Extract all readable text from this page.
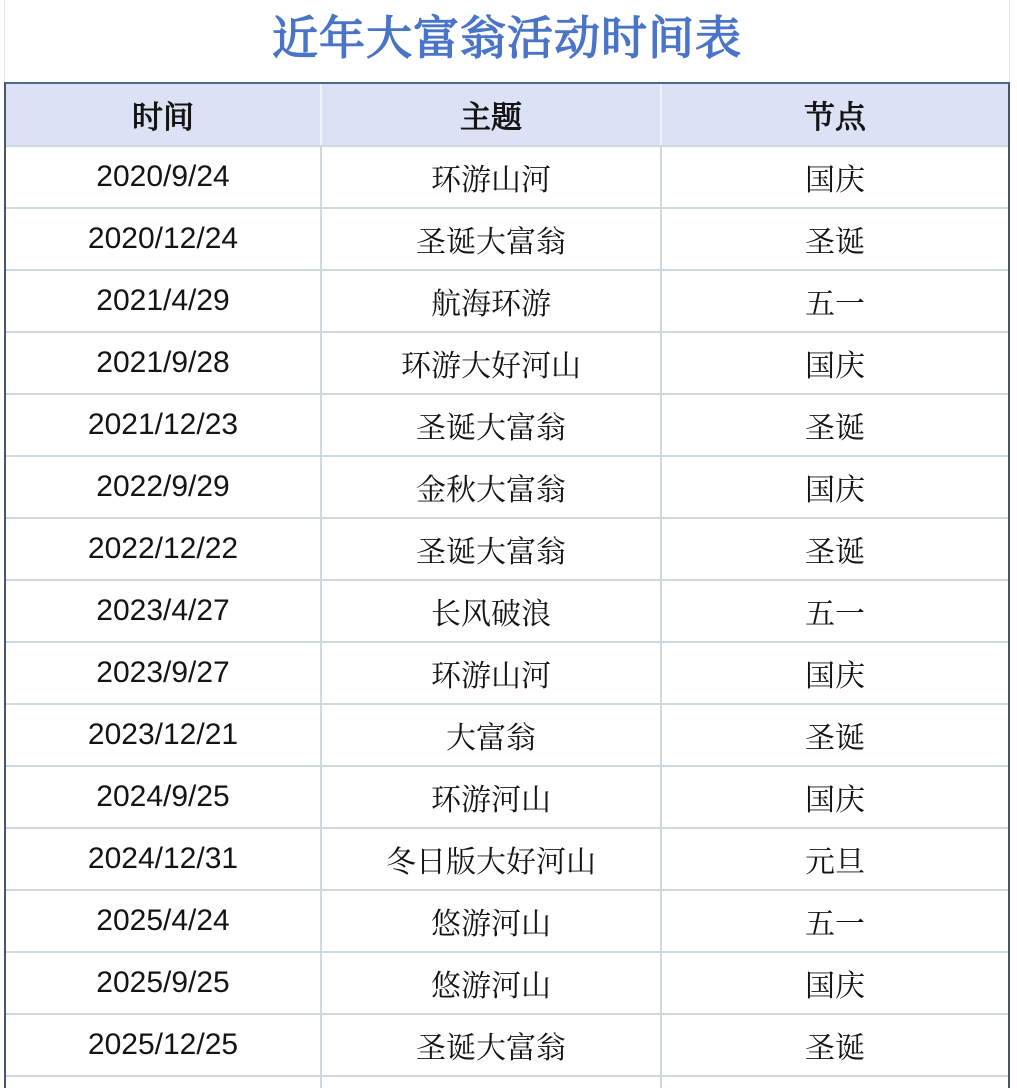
近年大富翁活动时间表
时间	主题	节点
2020/9/24	环游山河	国庆
2020/12/24	圣诞大富翁	圣诞
2021/4/29	航海环游	五一
2021/9/28	环游大好河山	国庆
2021/12/23	圣诞大富翁	圣诞
2022/9/29	金秋大富翁	国庆
2022/12/22	圣诞大富翁	圣诞
2023/4/27	长风破浪	五一
2023/9/27	环游山河	国庆
2023/12/21	大富翁	圣诞
2024/9/25	环游河山	国庆
2024/12/31	冬日版大好河山	元旦
2025/4/24	悠游河山	五一
2025/9/25	悠游河山	国庆
2025/12/25	圣诞大富翁	圣诞
